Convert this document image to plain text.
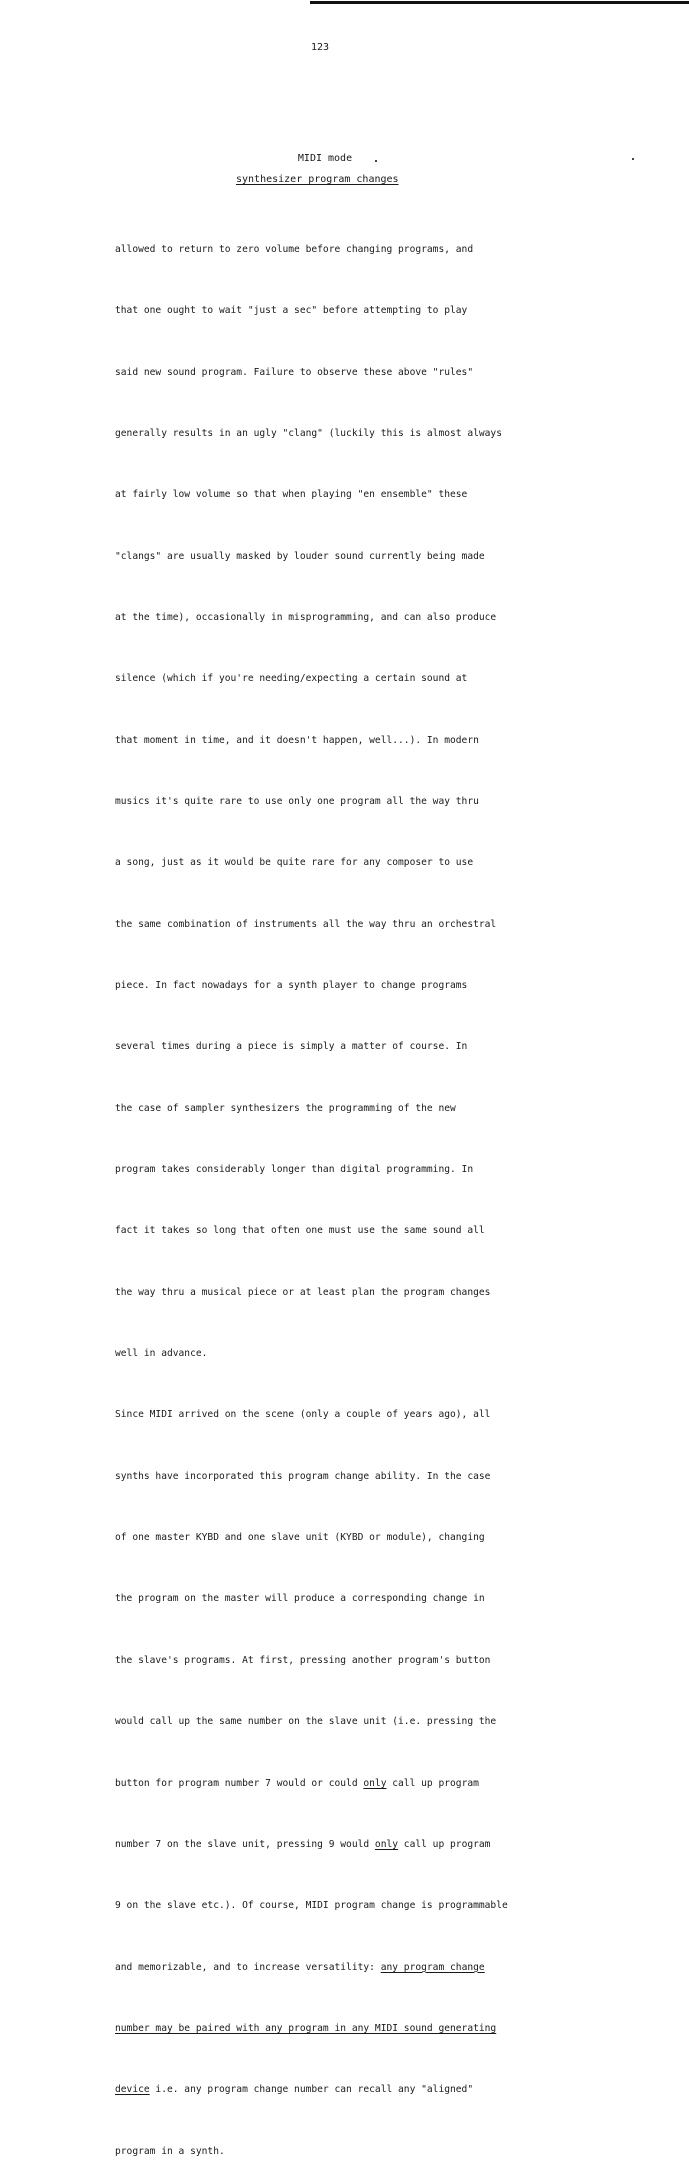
123
MIDI mode
synthesizer program changes

allowed to return to zero volume before changing programs, and

that one ought to wait "just a sec" before attempting to play

said new sound program. Failure to observe these above "rules"

generally results in an ugly "clang" (luckily this is almost always

at fairly low volume so that when playing "en ensemble" these

"clangs" are usually masked by louder sound currently being made

at the time), occasionally in misprogramming, and can also produce

silence (which if you're needing/expecting a certain sound at

that moment in time, and it doesn't happen, well...). In modern

musics it's quite rare to use only one program all the way thru

a song, just as it would be quite rare for any composer to use

the same combination of instruments all the way thru an orchestral

piece. In fact nowadays for a synth player to change programs

several times during a piece is simply a matter of course. In

the case of sampler synthesizers the programming of the new

program takes considerably longer than digital programming. In

fact it takes so long that often one must use the same sound all

the way thru a musical piece or at least plan the program changes

well in advance.

Since MIDI arrived on the scene (only a couple of years ago), all

synths have incorporated this program change ability. In the case

of one master KYBD and one slave unit (KYBD or module), changing

the program on the master will produce a corresponding change in

the slave's programs. At first, pressing another program's button

would call up the same number on the slave unit (i.e. pressing the

button for program number 7 would or could only call up program

number 7 on the slave unit, pressing 9 would only call up program

9 on the slave etc.). Of course, MIDI program change is programmable

and memorizable, and to increase versatility: any program change

number may be paired with any program in any MIDI sound generating

device i.e. any program change number can recall any "aligned"

program in a synth.
